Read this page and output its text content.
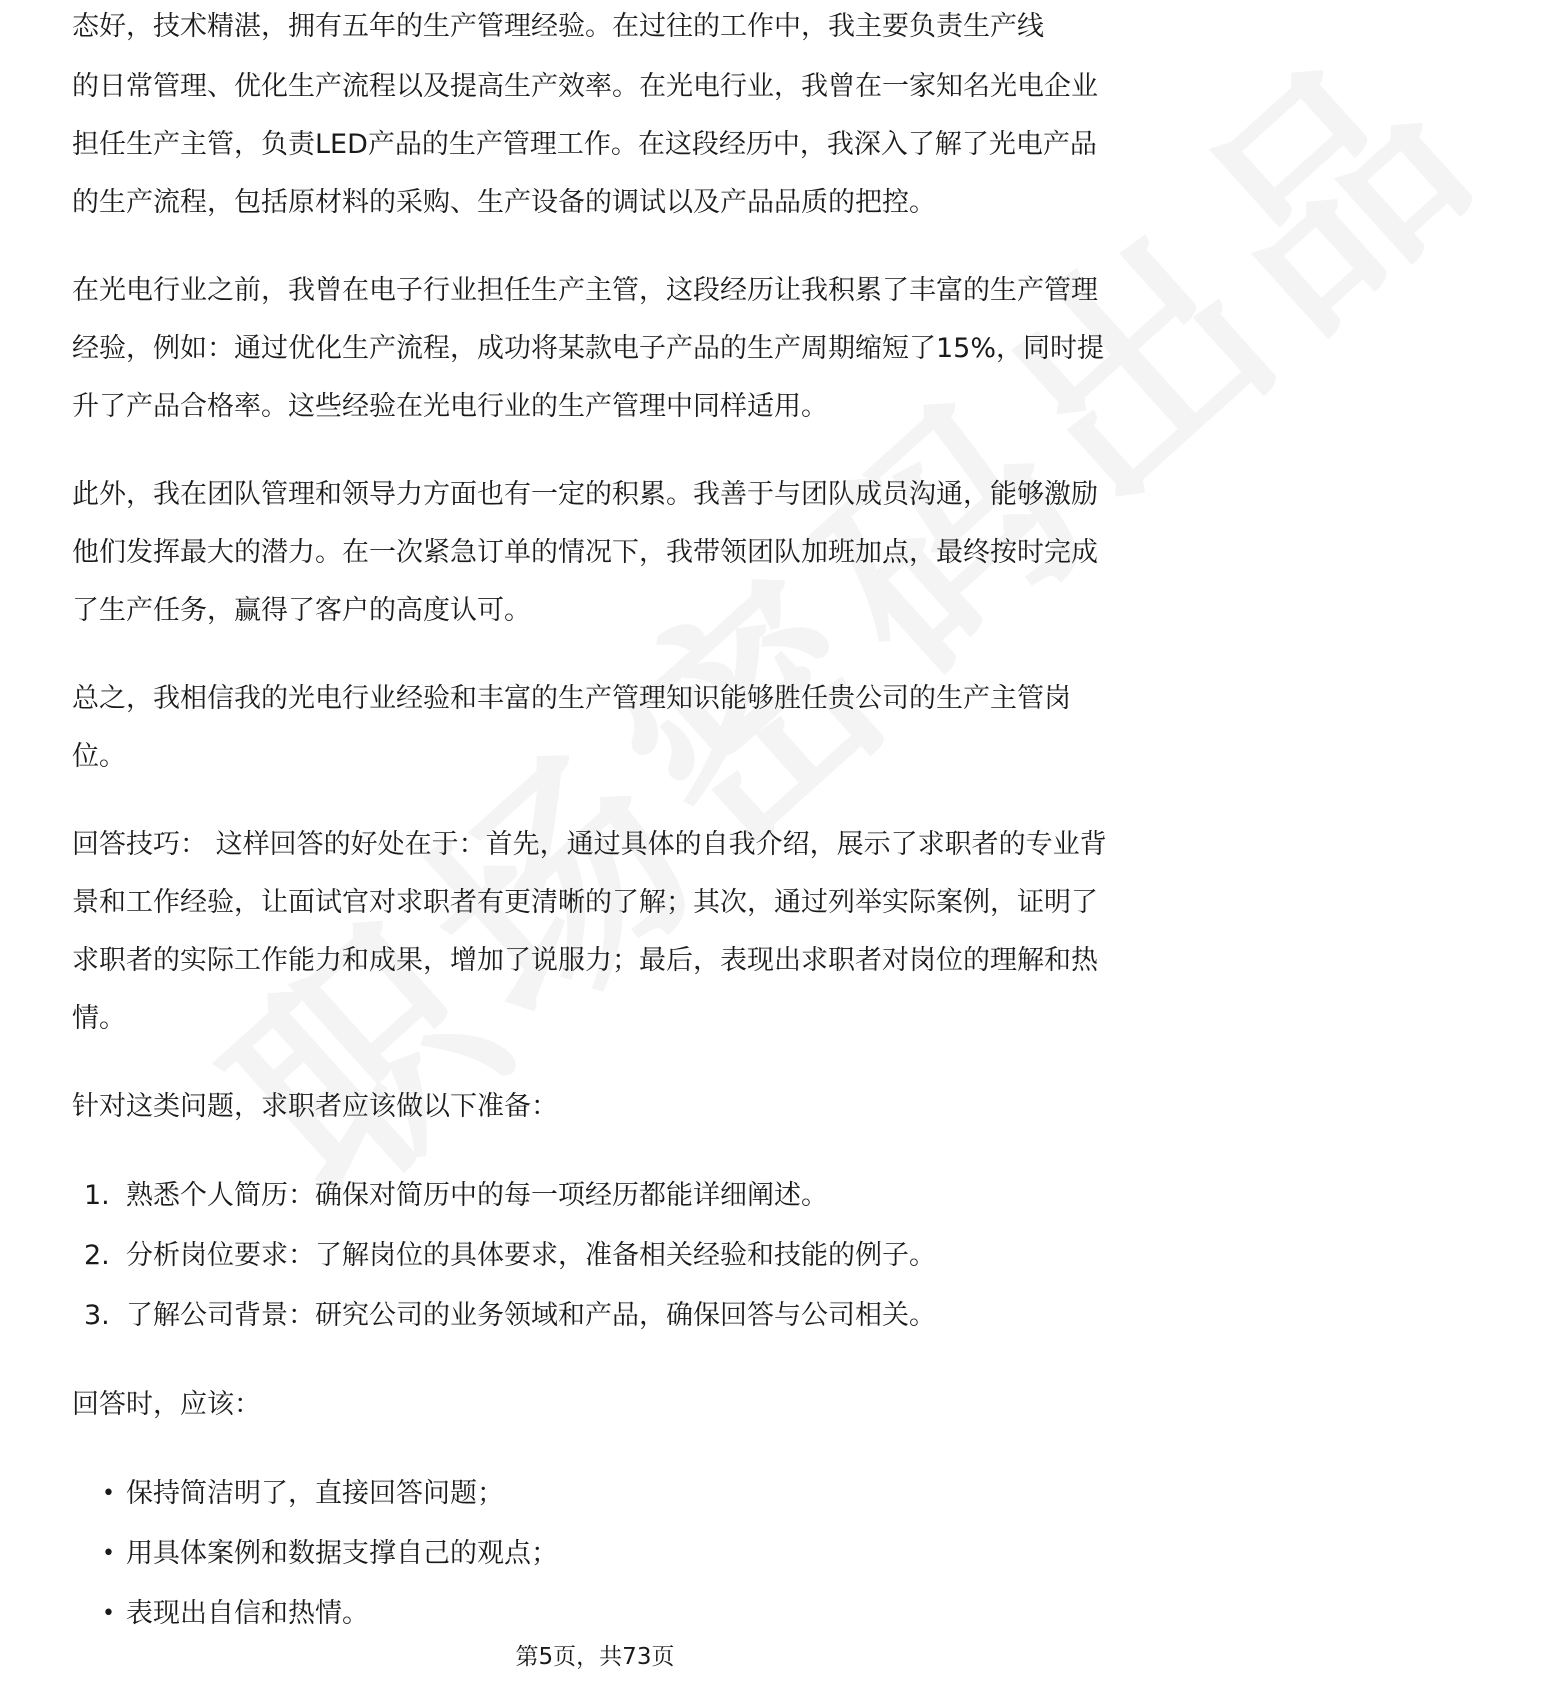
态好，技术精湛，拥有五年的生产管理经验。在过往的工作中，我主要负责生产线

的日常管理、优化生产流程以及提高生产效率。在光电行业，我曾在一家知名光电企业担任生产主管，负责LED产品的生产管理工作。在这段经历中，我深入了解了光电产品的生产流程，包括原材料的采购、生产设备的调试以及产品品质的把控。

在光电行业之前，我曾在电子行业担任生产主管，这段经历让我积累了丰富的生产管理经验，例如：通过优化生产流程，成功将某款电子产品的生产周期缩短了15%，同时提升了产品合格率。这些经验在光电行业的生产管理中同样适用。

此外，我在团队管理和领导力方面也有一定的积累。我善于与团队成员沟通，能够激励他们发挥最大的潜力。在一次紧急订单的情况下，我带领团队加班加点，最终按时完成了生产任务，赢得了客户的高度认可。

总之，我相信我的光电行业经验和丰富的生产管理知识能够胜任贵公司的生产主管岗位。

回答技巧： 这样回答的好处在于：首先，通过具体的自我介绍，展示了求职者的专业背景和工作经验，让面试官对求职者有更清晰的了解；其次，通过列举实际案例，证明了求职者的实际工作能力和成果，增加了说服力；最后，表现出求职者对岗位的理解和热情。

针对这类问题，求职者应该做以下准备：

1. 熟悉个人简历：确保对简历中的每一项经历都能详细阐述。
2. 分析岗位要求：了解岗位的具体要求，准备相关经验和技能的例子。
3. 了解公司背景：研究公司的业务领域和产品，确保回答与公司相关。

回答时，应该：

• 保持简洁明了，直接回答问题；
• 用具体案例和数据支撑自己的观点；
• 表现出自信和热情。
第5页，共73页
